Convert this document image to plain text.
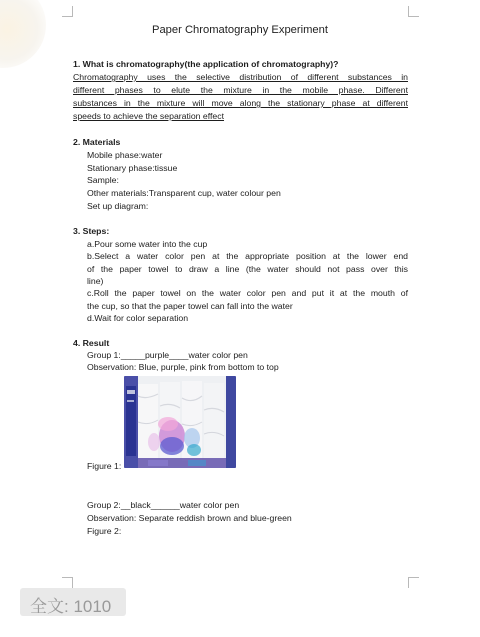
Paper Chromatography Experiment
1. What is chromatography(the application of chromatography)?
Chromatography uses the selective distribution of different substances in
different phases to elute the mixture in the mobile phase. Different
substances in the mixture will move along the stationary phase at different
speeds to achieve the separation effect
2. Materials
Mobile phase:water
Stationary phase:tissue
Sample:
Other materials:Transparent cup, water colour pen
Set up diagram:
3. Steps:
a.Pour some water into the cup
b.Select a water color pen at the appropriate position at the lower end
of the paper towel to draw a line (the water should not pass over this
line)
c.Roll the paper towel on the water color pen and put it at the mouth of
the cup, so that the paper towel can fall into the water
d.Wait for color separation
4. Result
Group 1:_____purple____water color pen
Observation: Blue, purple, pink from bottom to top
Figure 1:
Group 2:__black______water color pen
Observation: Separate reddish brown and blue-green
Figure 2:
全文: 1010
